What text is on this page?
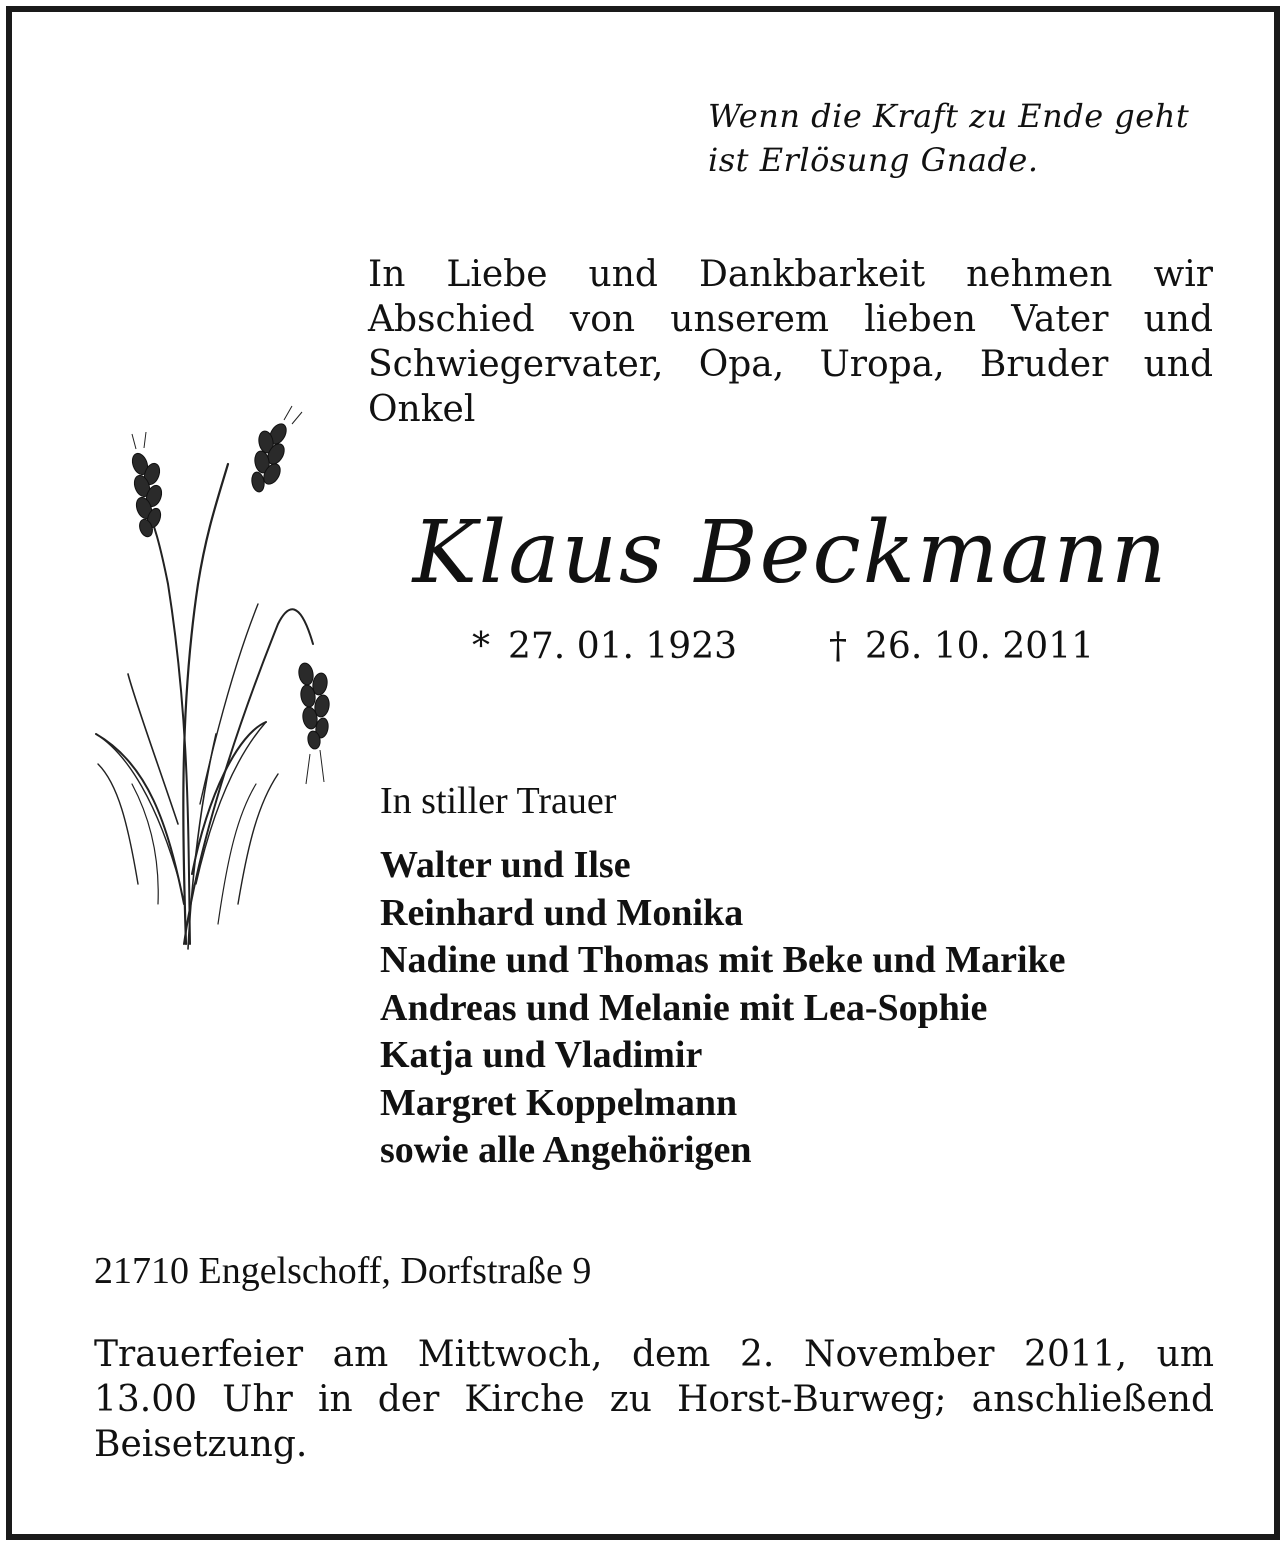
Wenn die Kraft zu Ende geht
ist Erlösung Gnade.
In Liebe und Dankbarkeit nehmen wir
Abschied von unserem lieben Vater und
Schwiegervater, Opa, Uropa, Bruder und
Onkel
Klaus Beckmann
* 27. 01. 1923	† 26. 10. 2011
In stiller Trauer
Walter und Ilse
Reinhard und Monika
Nadine und Thomas mit Beke und Marike
Andreas und Melanie mit Lea-Sophie
Katja und Vladimir
Margret Koppelmann
sowie alle Angehörigen
21710 Engelschoff, Dorfstraße 9
Trauerfeier am Mittwoch, dem 2. November 2011, um
13.00 Uhr in der Kirche zu Horst-Burweg; anschließend
Beisetzung.
